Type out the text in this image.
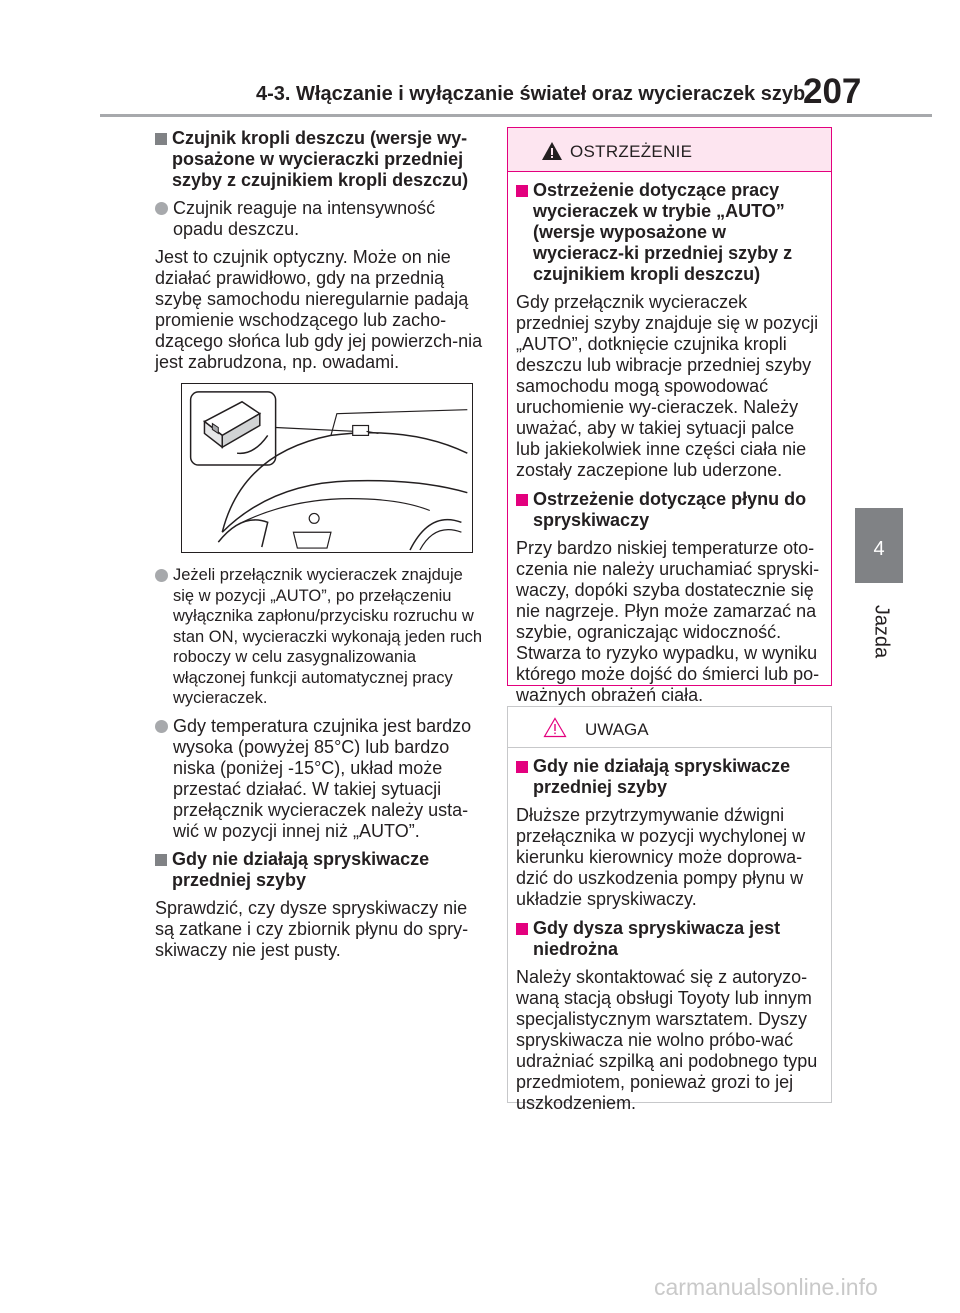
4-3. Włączanie i wyłączanie świateł oraz wycieraczek szyb
207
4
Jazda
Czujnik kropli deszczu (wersje wy-posażone w wycieraczki przedniej szyby z czujnikiem kropli deszczu)
Czujnik reaguje na intensywność opadu deszczu.
Jest to czujnik optyczny. Może on nie działać prawidłowo, gdy na przednią szybę samochodu nieregularnie padają promienie wschodzącego lub zacho-dzącego słońca lub gdy jej powierzch-nia jest zabrudzona, np. owadami.
Jeżeli przełącznik wycieraczek znajduje się w pozycji „AUTO”, po przełączeniu wyłącznika zapłonu/przycisku rozruchu w stan ON, wycieraczki wykonają jeden ruch roboczy w celu zasygnalizowania włączonej funkcji automatycznej pracy wycieraczek.
Gdy temperatura czujnika jest bardzo wysoka (powyżej 85°C) lub bardzo niska (poniżej -15°C), układ może przestać działać. W takiej sytuacji przełącznik wycieraczek należy usta-wić w pozycji innej niż „AUTO”.
Gdy nie działają spryskiwacze przedniej szyby
Sprawdzić, czy dysze spryskiwaczy nie są zatkane i czy zbiornik płynu do spry-skiwaczy nie jest pusty.
OSTRZEŻENIE
Ostrzeżenie dotyczące pracy wycieraczek w trybie „AUTO” (wersje wyposażone w wycieracz-ki przedniej szyby z czujnikiem kropli deszczu)
Gdy przełącznik wycieraczek przedniej szyby znajduje się w pozycji „AUTO”, dotknięcie czujnika kropli deszczu lub wibracje przedniej szyby samochodu mogą spowodować uruchomienie wy-cieraczek. Należy uważać, aby w takiej sytuacji palce lub jakiekolwiek inne części ciała nie zostały zaczepione lub uderzone.
Ostrzeżenie dotyczące płynu do spryskiwaczy
Przy bardzo niskiej temperaturze oto-czenia nie należy uruchamiać spryski-waczy, dopóki szyba dostatecznie się nie nagrzeje. Płyn może zamarzać na szybie, ograniczając widoczność. Stwarza to ryzyko wypadku, w wyniku którego może dojść do śmierci lub po-ważnych obrażeń ciała.
UWAGA
Gdy nie działają spryskiwacze przedniej szyby
Dłuższe przytrzymywanie dźwigni przełącznika w pozycji wychylonej w kierunku kierownicy może doprowa-dzić do uszkodzenia pompy płynu w układzie spryskiwaczy.
Gdy dysza spryskiwacza jest niedrożna
Należy skontaktować się z autoryzo-waną stacją obsługi Toyoty lub innym specjalistycznym warsztatem. Dyszy spryskiwacza nie wolno próbo-wać udrażniać szpilką ani podobnego typu przedmiotem, ponieważ grozi to jej uszkodzeniem.
carmanualsonline.info
